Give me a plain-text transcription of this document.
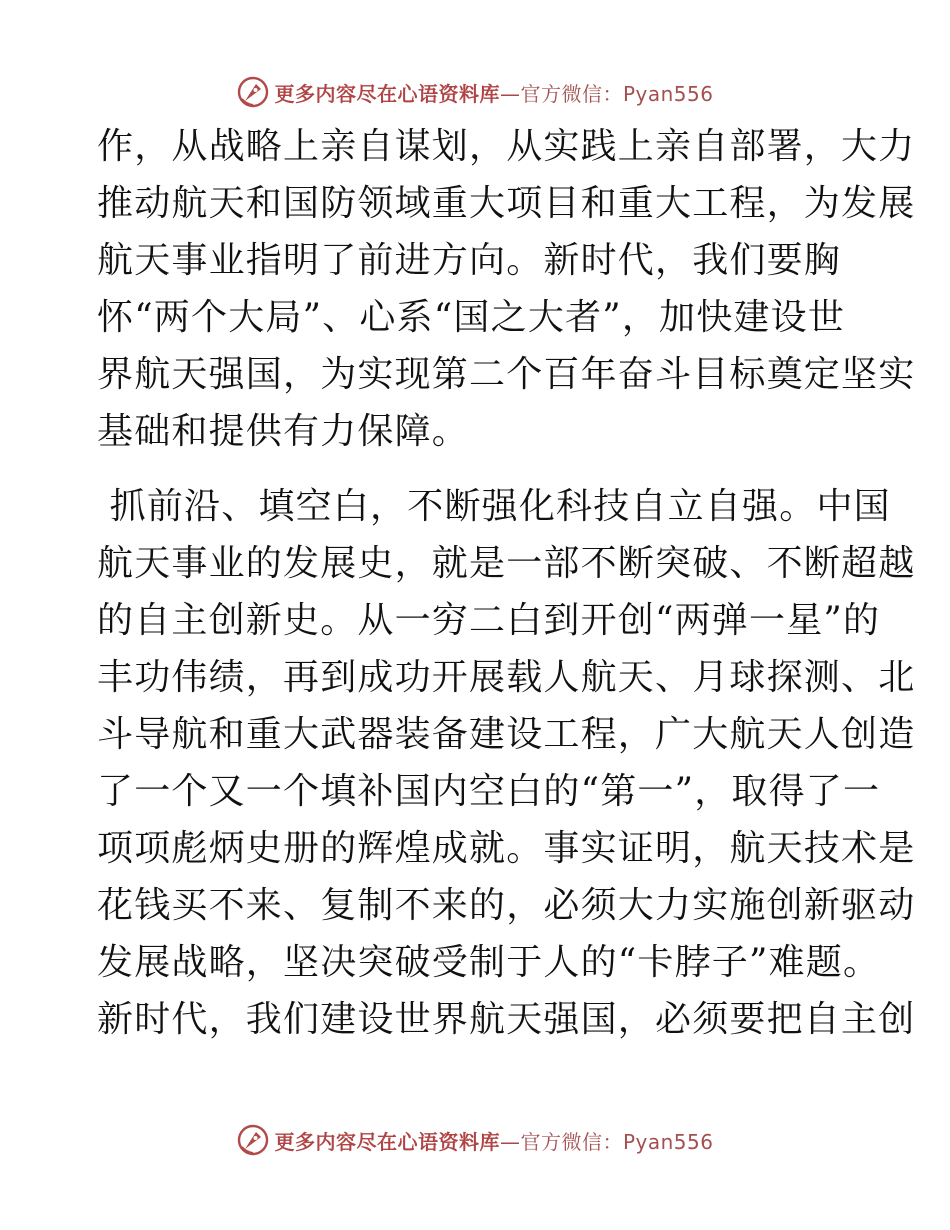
更多内容尽在心语资料库—官方微信：Pyan556

作，从战略上亲自谋划，从实践上亲自部署，大力
推动航天和国防领域重大项目和重大工程，为发展
航天事业指明了前进方向。新时代，我们要胸
怀“两个大局”、心系“国之大者”，加快建设世
界航天强国，为实现第二个百年奋斗目标奠定坚实
基础和提供有力保障。

抓前沿、填空白，不断强化科技自立自强。中国
航天事业的发展史，就是一部不断突破、不断超越
的自主创新史。从一穷二白到开创“两弹一星”的
丰功伟绩，再到成功开展载人航天、月球探测、北
斗导航和重大武器装备建设工程，广大航天人创造
了一个又一个填补国内空白的“第一”，取得了一
项项彪炳史册的辉煌成就。事实证明，航天技术是
花钱买不来、复制不来的，必须大力实施创新驱动
发展战略，坚决突破受制于人的“卡脖子”难题。
新时代，我们建设世界航天强国，必须要把自主创

更多内容尽在心语资料库—官方微信：Pyan556
